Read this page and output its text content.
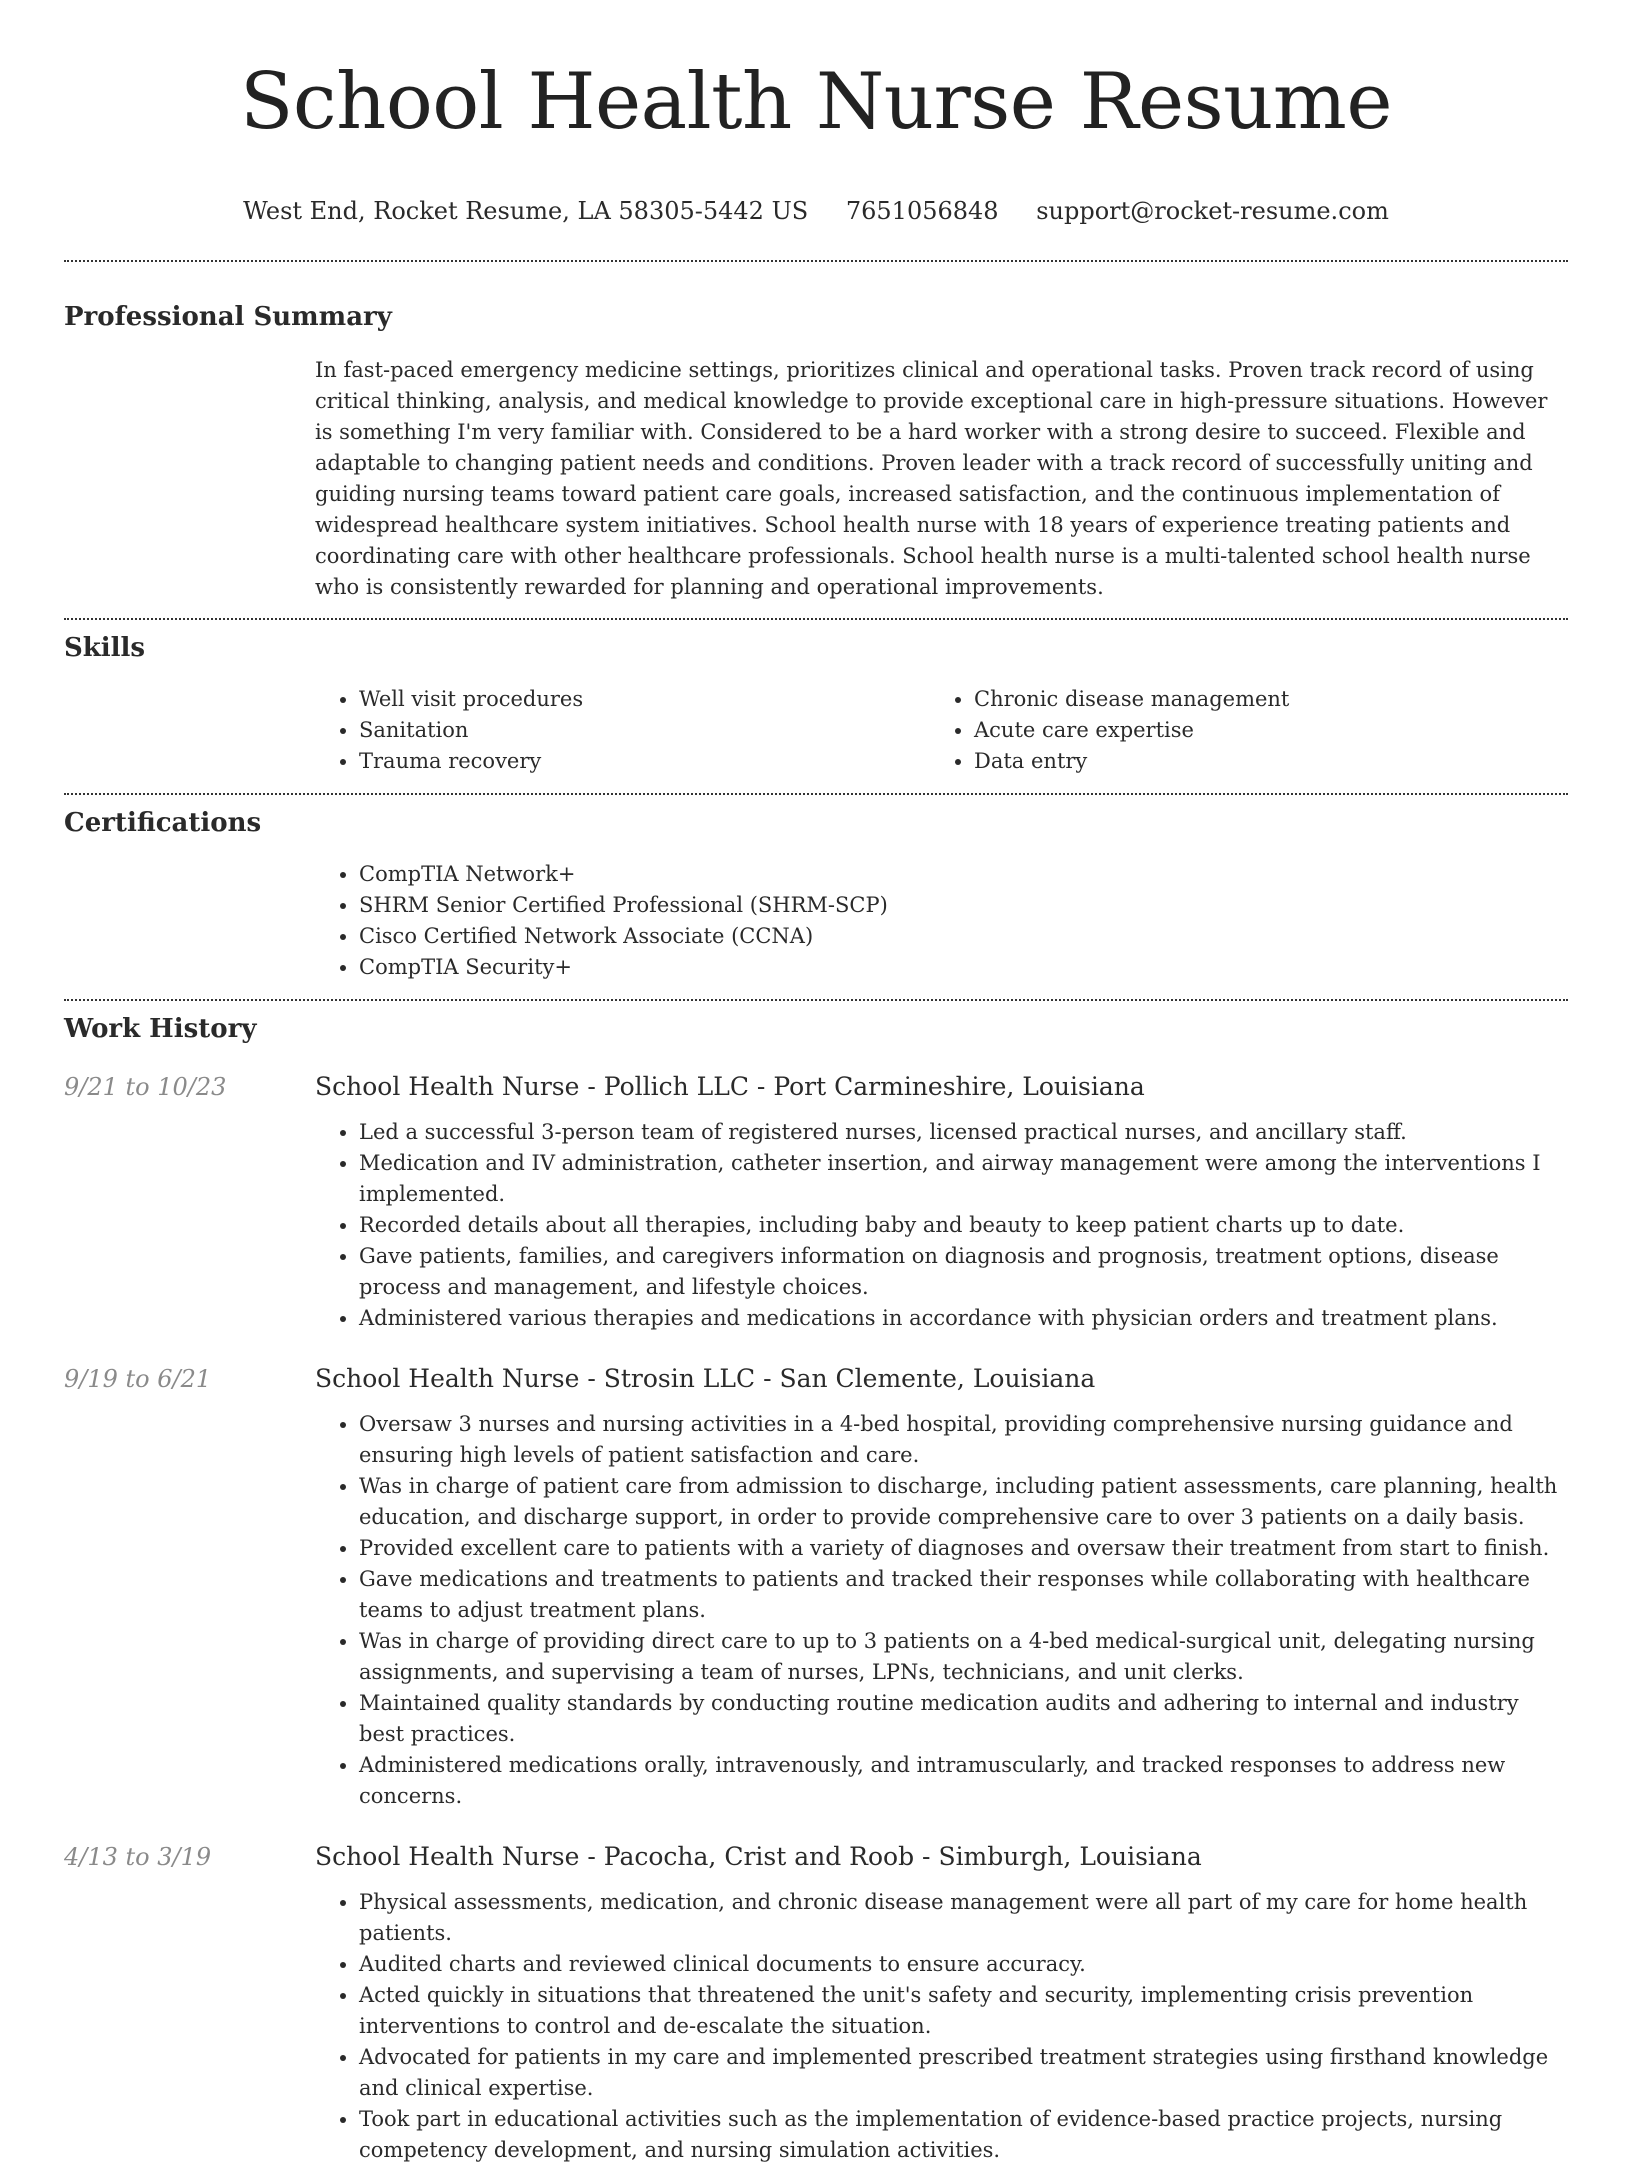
School Health Nurse Resume
West End, Rocket Resume, LA 58305-5442 US 7651056848 support@rocket-resume.com
Professional Summary
In fast-paced emergency medicine settings, prioritizes clinical and operational tasks. Proven track record of using critical thinking, analysis, and medical knowledge to provide exceptional care in high-pressure situations. However is something I'm very familiar with. Considered to be a hard worker with a strong desire to succeed. Flexible and adaptable to changing patient needs and conditions. Proven leader with a track record of successfully uniting and guiding nursing teams toward patient care goals, increased satisfaction, and the continuous implementation of widespread healthcare system initiatives. School health nurse with 18 years of experience treating patients and coordinating care with other healthcare professionals. School health nurse is a multi-talented school health nurse who is consistently rewarded for planning and operational improvements.
Skills
• Well visit procedures
• Sanitation
• Trauma recovery
• Chronic disease management
• Acute care expertise
• Data entry
Certifications
• CompTIA Network+
• SHRM Senior Certified Professional (SHRM-SCP)
• Cisco Certified Network Associate (CCNA)
• CompTIA Security+
Work History
9/21 to 10/23	School Health Nurse - Pollich LLC - Port Carmineshire, Louisiana
• Led a successful 3-person team of registered nurses, licensed practical nurses, and ancillary staff.
• Medication and IV administration, catheter insertion, and airway management were among the interventions I implemented.
• Recorded details about all therapies, including baby and beauty to keep patient charts up to date.
• Gave patients, families, and caregivers information on diagnosis and prognosis, treatment options, disease process and management, and lifestyle choices.
• Administered various therapies and medications in accordance with physician orders and treatment plans.
9/19 to 6/21	School Health Nurse - Strosin LLC - San Clemente, Louisiana
• Oversaw 3 nurses and nursing activities in a 4-bed hospital, providing comprehensive nursing guidance and ensuring high levels of patient satisfaction and care.
• Was in charge of patient care from admission to discharge, including patient assessments, care planning, health education, and discharge support, in order to provide comprehensive care to over 3 patients on a daily basis.
• Provided excellent care to patients with a variety of diagnoses and oversaw their treatment from start to finish.
• Gave medications and treatments to patients and tracked their responses while collaborating with healthcare teams to adjust treatment plans.
• Was in charge of providing direct care to up to 3 patients on a 4-bed medical-surgical unit, delegating nursing assignments, and supervising a team of nurses, LPNs, technicians, and unit clerks.
• Maintained quality standards by conducting routine medication audits and adhering to internal and industry best practices.
• Administered medications orally, intravenously, and intramuscularly, and tracked responses to address new concerns.
4/13 to 3/19	School Health Nurse - Pacocha, Crist and Roob - Simburgh, Louisiana
• Physical assessments, medication, and chronic disease management were all part of my care for home health patients.
• Audited charts and reviewed clinical documents to ensure accuracy.
• Acted quickly in situations that threatened the unit's safety and security, implementing crisis prevention interventions to control and de-escalate the situation.
• Advocated for patients in my care and implemented prescribed treatment strategies using firsthand knowledge and clinical expertise.
• Took part in educational activities such as the implementation of evidence-based practice projects, nursing competency development, and nursing simulation activities.
